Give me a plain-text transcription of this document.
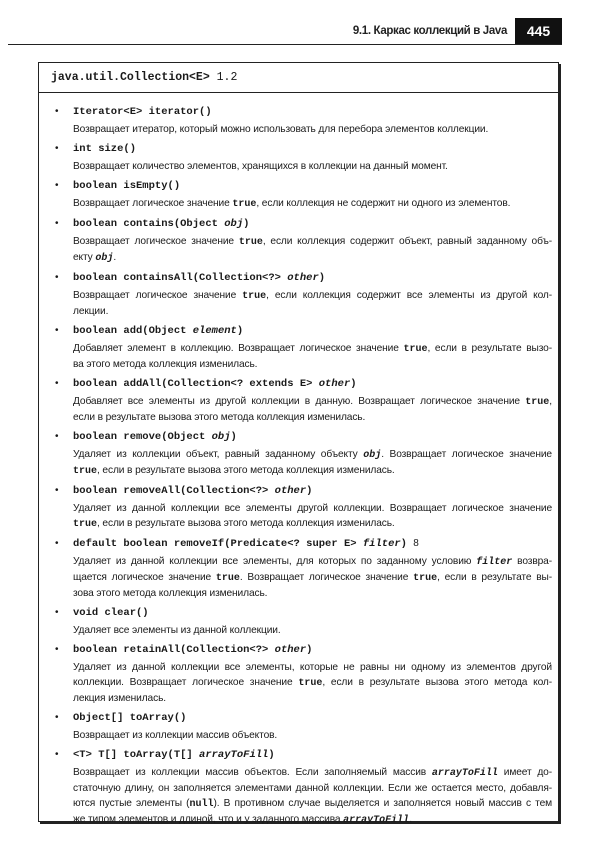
9.1. Каркас коллекций в Java	445
java.util.Collection<E> 1.2
• Iterator<E> iterator()
Возвращает итератор, который можно использовать для перебора элементов коллекции.
• int size()
Возвращает количество элементов, хранящихся в коллекции на данный момент.
• boolean isEmpty()
Возвращает логическое значение true, если коллекция не содержит ни одного из элементов.
• boolean contains(Object obj)
Возвращает логическое значение true, если коллекция содержит объект, равный заданному объ-
екту obj.
• boolean containsAll(Collection<?> other)
Возвращает логическое значение true, если коллекция содержит все элементы из другой кол-
лекции.
• boolean add(Object element)
Добавляет элемент в коллекцию. Возвращает логическое значение true, если в результате вызо-
ва этого метода коллекция изменилась.
• boolean addAll(Collection<? extends E> other)
Добавляет все элементы из другой коллекции в данную. Возвращает логическое значение true,
если в результате вызова этого метода коллекция изменилась.
• boolean remove(Object obj)
Удаляет из коллекции объект, равный заданному объекту obj. Возвращает логическое значение
true, если в результате вызова этого метода коллекция изменилась.
• boolean removeAll(Collection<?> other)
Удаляет из данной коллекции все элементы другой коллекции. Возвращает логическое значение
true, если в результате вызова этого метода коллекция изменилась.
• default boolean removeIf(Predicate<? super E> filter) 8
Удаляет из данной коллекции все элементы, для которых по заданному условию filter возвра-
щается логическое значение true. Возвращает логическое значение true, если в результате вы-
зова этого метода коллекция изменилась.
• void clear()
Удаляет все элементы из данной коллекции.
• boolean retainAll(Collection<?> other)
Удаляет из данной коллекции все элементы, которые не равны ни одному из элементов другой
коллекции. Возвращает логическое значение true, если в результате вызова этого метода кол-
лекция изменилась.
• Object[] toArray()
Возвращает из коллекции массив объектов.
• <T> T[] toArray(T[] arrayToFill)
Возвращает из коллекции массив объектов. Если заполняемый массив arrayToFill имеет до-
статочную длину, он заполняется элементами данной коллекции. Если же остается место, добавля-
ются пустые элементы (null). В противном случае выделяется и заполняется новый массив с тем
же типом элементов и длиной, что и у заданного массива arrayToFill.
